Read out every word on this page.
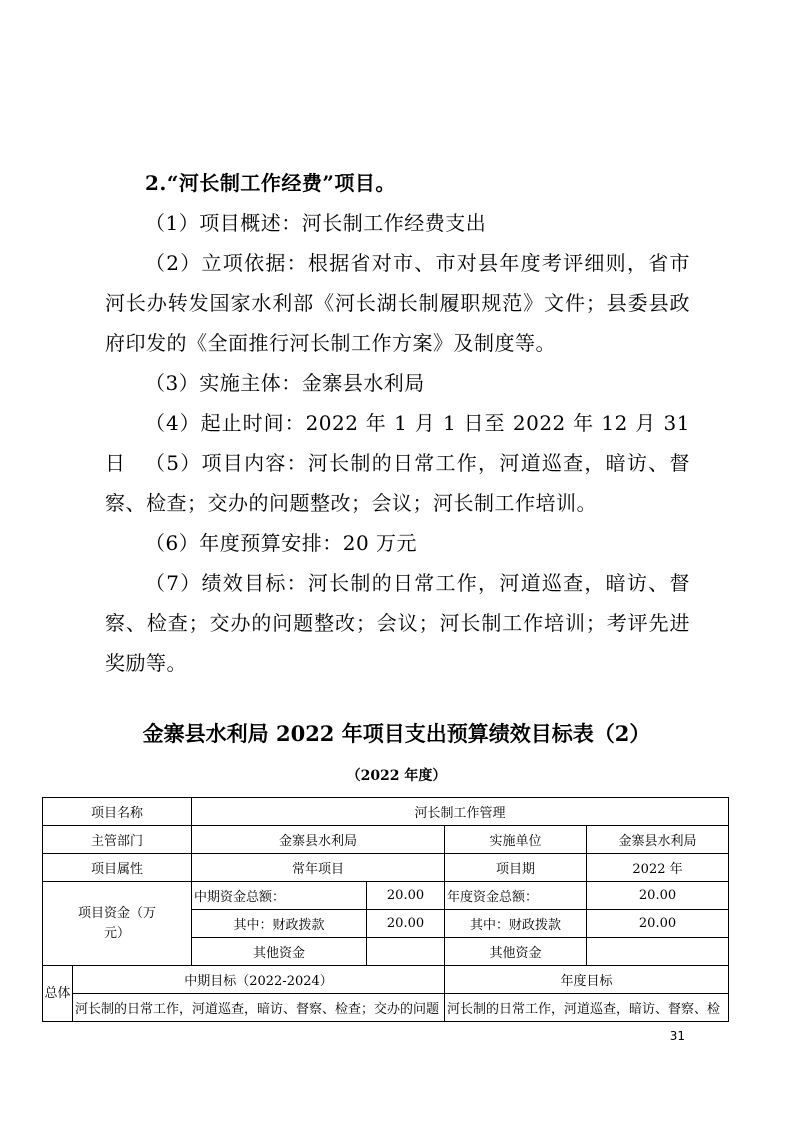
2.“河长制工作经费”项目。

（1）项目概述：河长制工作经费支出

（2）立项依据：根据省对市、市对县年度考评细则，省市河长办转发国家水利部《河长湖长制履职规范》文件；县委县政府印发的《全面推行河长制工作方案》及制度等。

（3）实施主体：金寨县水利局

（4）起止时间：2022 年 1 月 1 日至 2022 年 12 月 31 日 （5）项目内容：河长制的日常工作，河道巡查，暗访、督察、检查；交办的问题整改；会议；河长制工作培训。

（6）年度预算安排：20 万元

（7）绩效目标：河长制的日常工作，河道巡查，暗访、督察、检查；交办的问题整改；会议；河长制工作培训；考评先进奖励等。

金寨县水利局 2022 年项目支出预算绩效目标表（2）

（2022 年度）

项目名称		河长制工作管理			
主管部门		金寨县水利局		实施单位	金寨县水利局
项目属性		常年项目		项目期	2022 年
项目资金（万元）		中期资金总额：	20.00	年度资金总额：	20.00
		其中：财政拨款	20.00	其中：财政拨款	20.00
		其他资金		其他资金	
总体	中期目标（2022-2024）			年度目标	
	河长制的日常工作，河道巡查，暗访、督察、检查；交办的问题			河长制的日常工作，河道巡查，暗访、督察、检	
31
